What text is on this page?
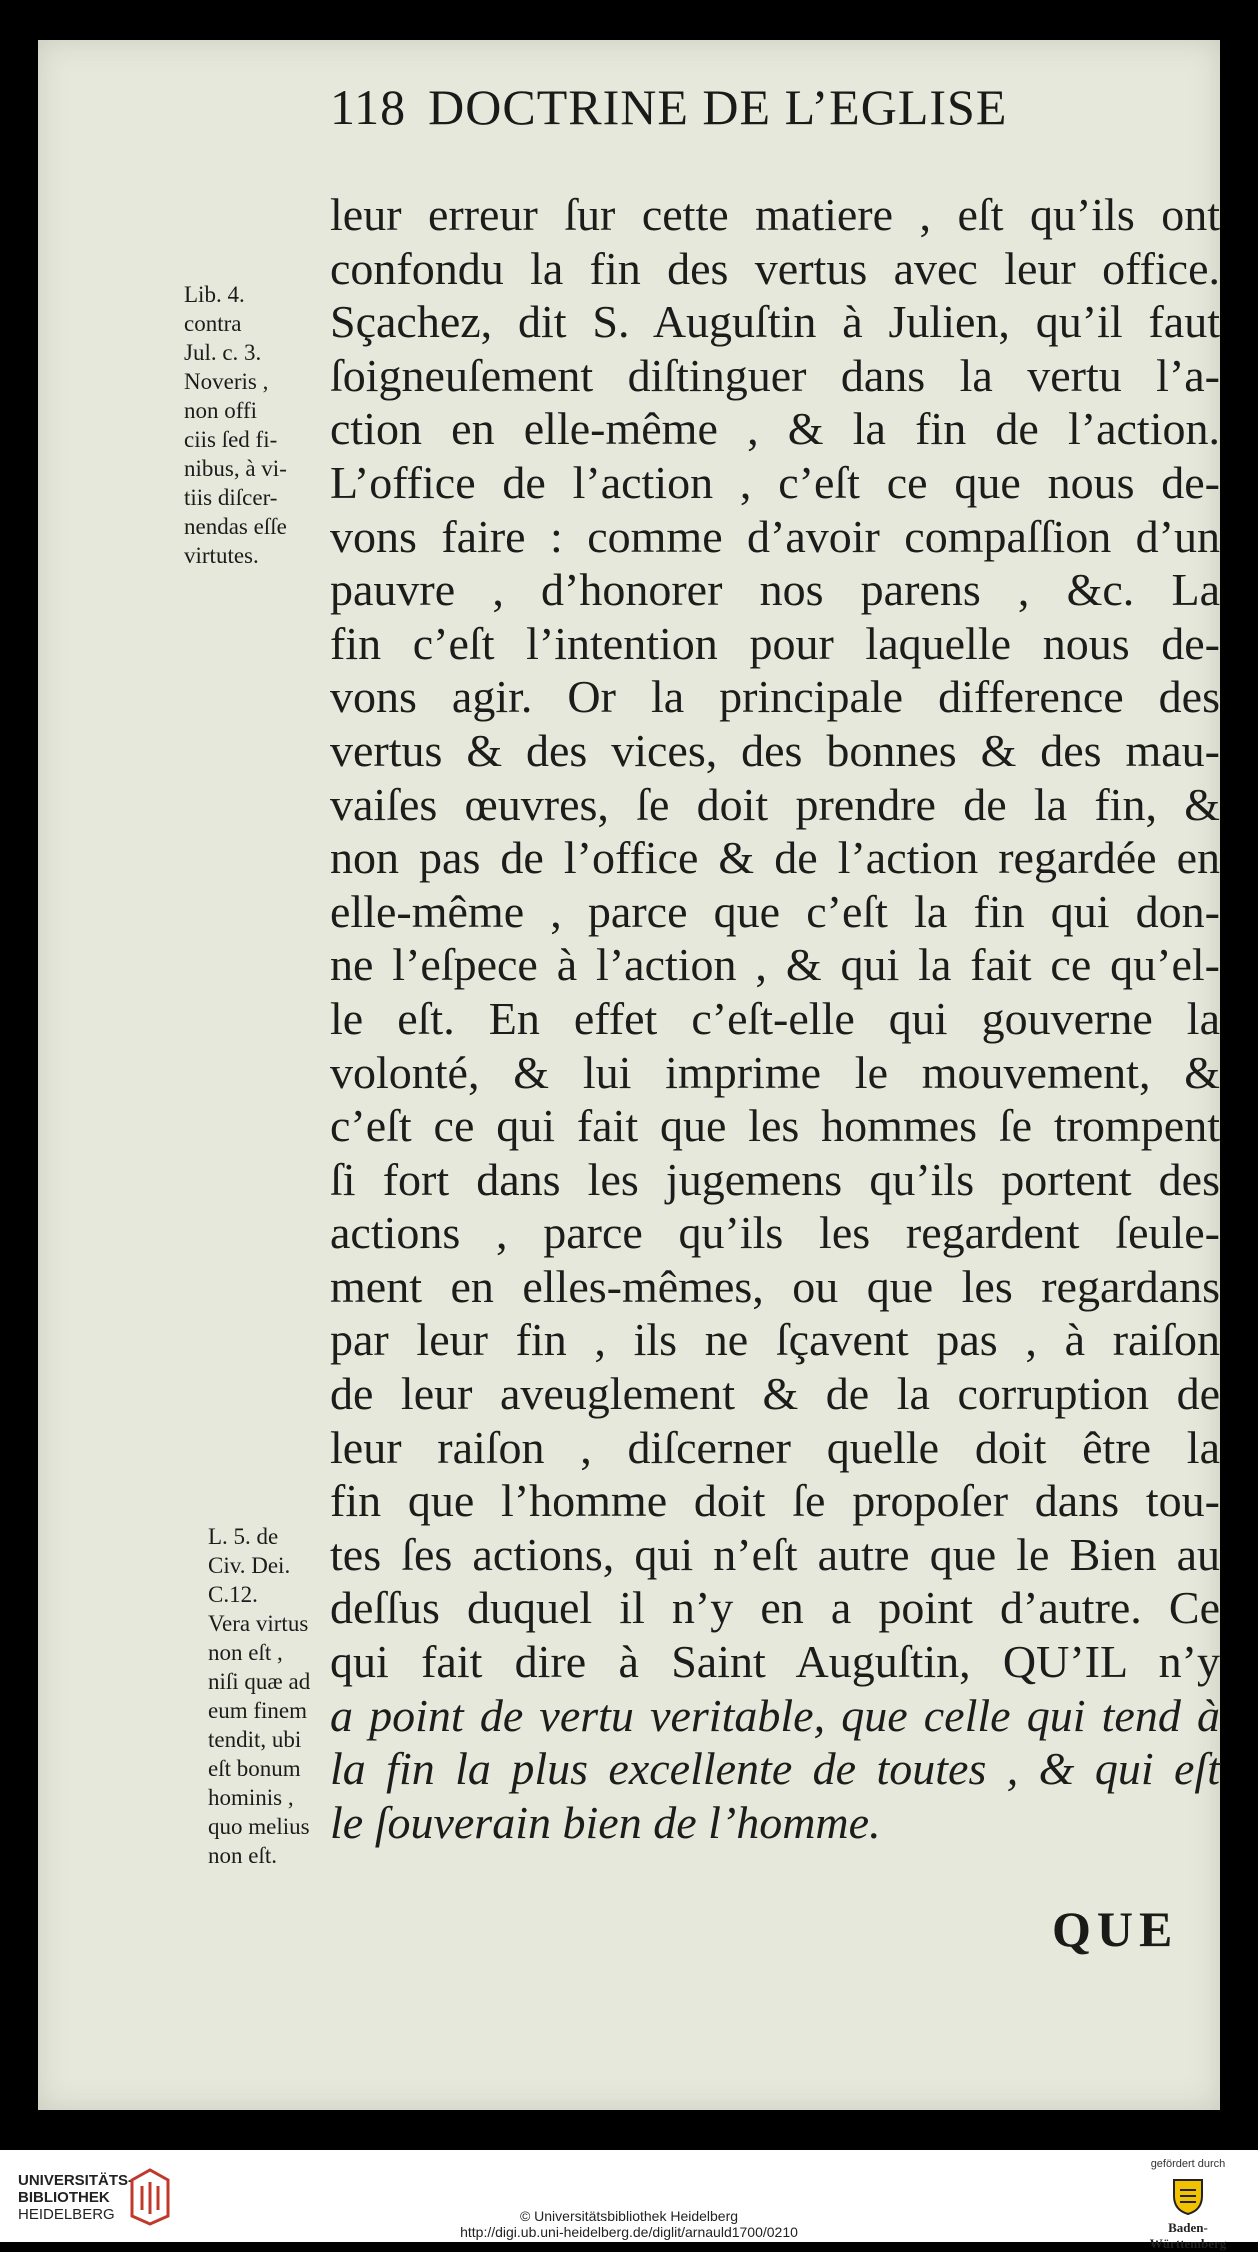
118 DOCTRINE DE L’EGLISE
leur erreur ſur cette matiere , eſt qu’ils ont
confondu la fin des vertus avec leur office.
Sçachez, dit S. Auguſtin à Julien, qu’il faut
ſoigneuſement diſtinguer dans la vertu l’a-
ction en elle-même , & la fin de l’action.
L’office de l’action , c’eſt ce que nous de-
vons faire : comme d’avoir compaſſion d’un
pauvre , d’honorer nos parens , &c. La
fin c’eſt l’intention pour laquelle nous de-
vons agir. Or la principale difference des
vertus & des vices, des bonnes & des mau-
vaiſes œuvres, ſe doit prendre de la fin, &
non pas de l’office & de l’action regardée en
elle-même , parce que c’eſt la fin qui don-
ne l’eſpece à l’action , & qui la fait ce qu’el-
le eſt. En effet c’eſt-elle qui gouverne la
volonté, & lui imprime le mouvement, &
c’eſt ce qui fait que les hommes ſe trompent
ſi fort dans les jugemens qu’ils portent des
actions , parce qu’ils les regardent ſeule-
ment en elles-mêmes, ou que les regardans
par leur fin , ils ne ſçavent pas , à raiſon
de leur aveuglement & de la corruption de
leur raiſon , diſcerner quelle doit être la
fin que l’homme doit ſe propoſer dans tou-
tes ſes actions, qui n’eſt autre que le Bien au
deſſus duquel il n’y en a point d’autre. Ce
qui fait dire à Saint Auguſtin, QU’IL n’y
a point de vertu veritable, que celle qui tend à
la fin la plus excellente de toutes , & qui eſt
le ſouverain bien de l’homme.
Lib. 4.
contra
Jul. c. 3.
Noveris ,
non offi
ciis ſed fi-
nibus, à vi-
tiis diſcer-
nendas eſſe
virtutes.
L. 5. de
Civ. Dei.
C.12.
Vera virtus
non eſt ,
niſi quæ ad
eum finem
tendit, ubi
eſt bonum
hominis ,
quo melius
non eſt.
QUE
UNIVERSITÄTS-
BIBLIOTHEK
HEIDELBERG	© Universitätsbibliothek Heidelberg
http://digi.ub.uni-heidelberg.de/diglit/arnauld1700/0210
gefördert durch
Baden-Württemberg
